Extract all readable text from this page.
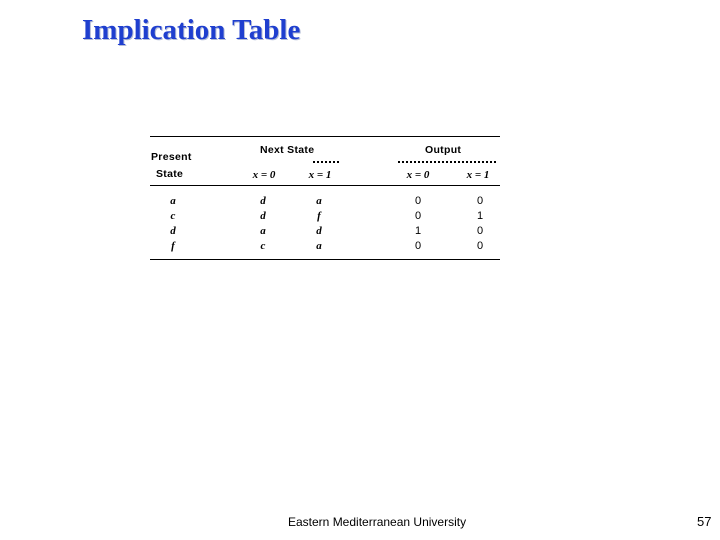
Implication Table
Present
State
Next State	Output
x = 0	x = 1	x = 0	x = 1
a	d	a	0	0
c	d	f	0	1
d	a	d	1	0
f	c	a	0	0
Eastern Mediterranean University	57
